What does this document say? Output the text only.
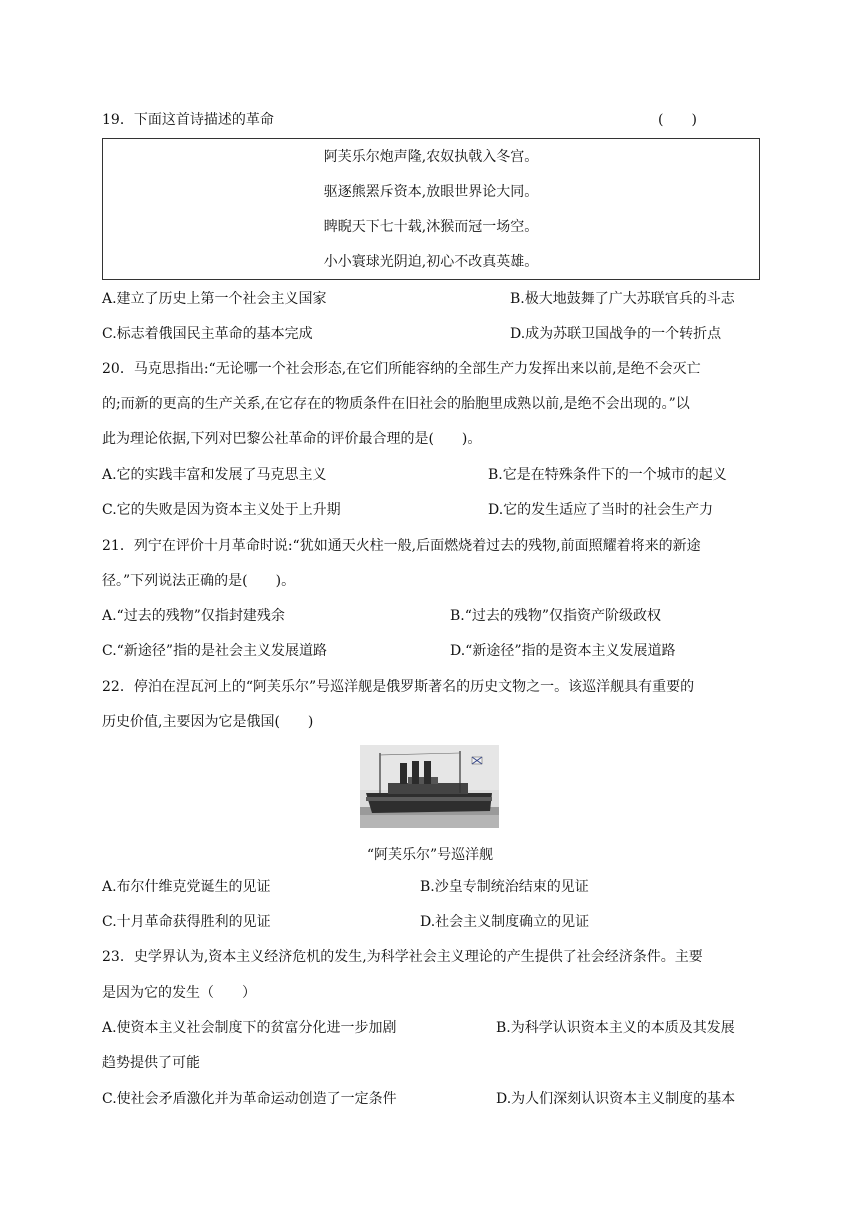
19．下面这首诗描述的革命	(　　)
阿芙乐尔炮声隆,农奴执戟入冬宫。
驱逐熊罴斥资本,放眼世界论大同。
睥睨天下七十载,沐猴而冠一场空。
小小寰球光阴迫,初心不改真英雄。
A.建立了历史上第一个社会主义国家	B.极大地鼓舞了广大苏联官兵的斗志
C.标志着俄国民主革命的基本完成	D.成为苏联卫国战争的一个转折点
20．马克思指出:“无论哪一个社会形态,在它们所能容纳的全部生产力发挥出来以前,是绝不会灭亡
的;而新的更高的生产关系,在它存在的物质条件在旧社会的胎胞里成熟以前,是绝不会出现的。”以
此为理论依据,下列对巴黎公社革命的评价最合理的是(　　)。
A.它的实践丰富和发展了马克思主义	B.它是在特殊条件下的一个城市的起义
C.它的失败是因为资本主义处于上升期	D.它的发生适应了当时的社会生产力
21．列宁在评价十月革命时说:“犹如通天火柱一般,后面燃烧着过去的残物,前面照耀着将来的新途
径。”下列说法正确的是(　　)。
A.“过去的残物”仅指封建残余	B.“过去的残物”仅指资产阶级政权
C.“新途径”指的是社会主义发展道路	D.“新途径”指的是资本主义发展道路
22．停泊在涅瓦河上的“阿芙乐尔”号巡洋舰是俄罗斯著名的历史文物之一。该巡洋舰具有重要的
历史价值,主要因为它是俄国(　　)
“阿芙乐尔”号巡洋舰
A.布尔什维克党诞生的见证	B.沙皇专制统治结束的见证
C.十月革命获得胜利的见证	D.社会主义制度确立的见证
23．史学界认为,资本主义经济危机的发生,为科学社会主义理论的产生提供了社会经济条件。主要
是因为它的发生（　　）
A.使资本主义社会制度下的贫富分化进一步加剧	B.为科学认识资本主义的本质及其发展
趋势提供了可能
C.使社会矛盾激化并为革命运动创造了一定条件	D.为人们深刻认识资本主义制度的基本
